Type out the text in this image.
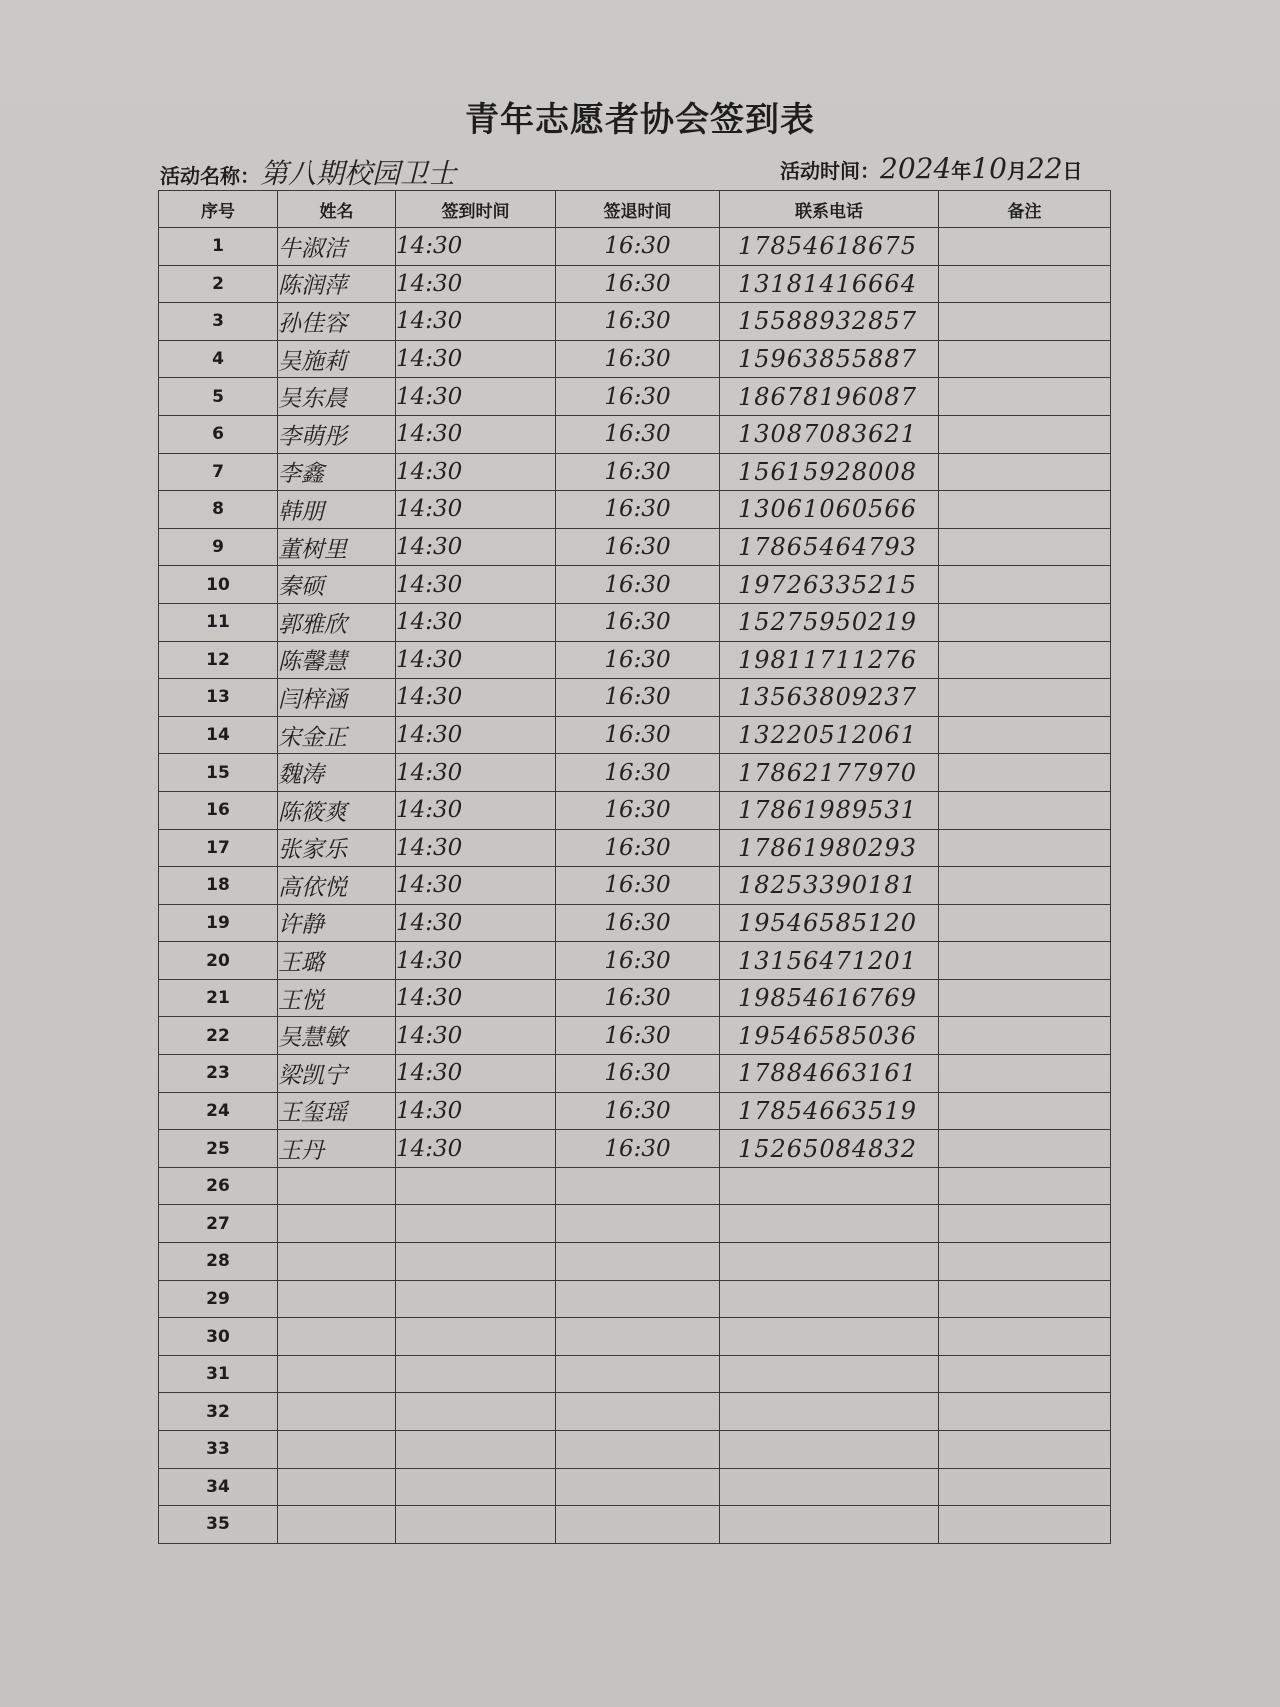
青年志愿者协会签到表
活动名称：第八期校园卫士	活动时间：2024年10月22日
序号	姓名	签到时间	签退时间	联系电话	备注
1	牛淑洁	14:30	16:30	17854618675	
2	陈润萍	14:30	16:30	13181416664	
3	孙佳容	14:30	16:30	15588932857	
4	吴施莉	14:30	16:30	15963855887	
5	吴东晨	14:30	16:30	18678196087	
6	李萌彤	14:30	16:30	13087083621	
7	李鑫	14:30	16:30	15615928008	
8	韩朋	14:30	16:30	13061060566	
9	董树里	14:30	16:30	17865464793	
10	秦硕	14:30	16:30	19726335215	
11	郭雅欣	14:30	16:30	15275950219	
12	陈馨慧	14:30	16:30	19811711276	
13	闫梓涵	14:30	16:30	13563809237	
14	宋金正	14:30	16:30	13220512061	
15	魏涛	14:30	16:30	17862177970	
16	陈筱爽	14:30	16:30	17861989531	
17	张家乐	14:30	16:30	17861980293	
18	高依悦	14:30	16:30	18253390181	
19	许静	14:30	16:30	19546585120	
20	王璐	14:30	16:30	13156471201	
21	王悦	14:30	16:30	19854616769	
22	吴慧敏	14:30	16:30	19546585036	
23	梁凯宁	14:30	16:30	17884663161	
24	王玺瑶	14:30	16:30	17854663519	
25	王丹	14:30	16:30	15265084832	
26					
27					
28					
29					
30					
31					
32					
33					
34					
35					
